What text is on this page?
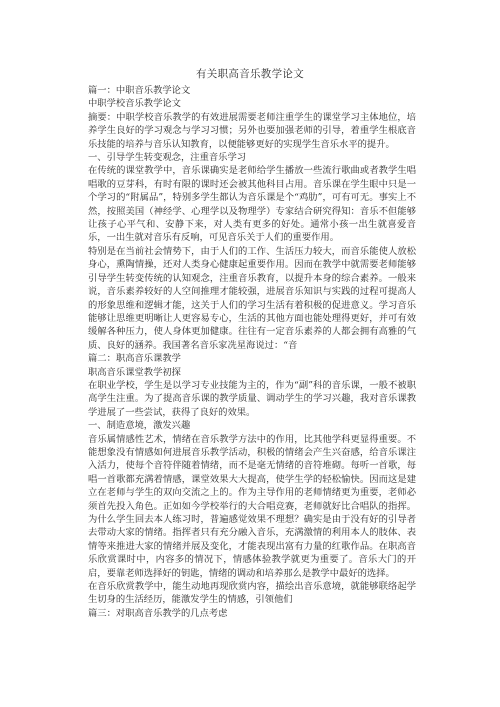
有关职高音乐教学论文

篇一：中职音乐教学论文

中职学校音乐教学论文

摘要：中职学校音乐教学的有效进展需要老师注重学生的课堂学习主体地位，培养学生良好的学习观念与学习习惯；另外也要加强老师的引导，着重学生根底音乐技能的培养与音乐认知教育，以便能够更好的实现学生音乐水平的提升。

一、引导学生转变观念，注重音乐学习

在传统的课堂教学中，音乐课确实是老师给学生播放一些流行歌曲或者教学生唱唱歌的豆芽科，有时有限的课时还会被其他科目占用。音乐课在学生眼中只是一个学习的“附属品”，特别多学生都认为音乐课是个“鸡肋”，可有可无。事实上不然，按照美国（神经学、心理学以及物理学）专家结合研究得知：音乐不但能够让孩子心平气和、安静下来，对人类有更多的好处。通常小孩一出生就喜爱音乐，一出生就对音乐有反响，可见音乐关于人们的重要作用。

特别是在当前社会情势下，由于人们的工作、生活压力较大，而音乐能使人放松身心，熏陶情操，还对人类身心健康起重要作用。因而在教学中就需要老师能够引导学生转变传统的认知观念，注重音乐教育，以提升本身的综合素养。一般来说，音乐素养较好的人空间推理才能较强，进展音乐知识与实践的过程可提高人的形象思维和逻辑才能，这关于人们的学习生活有着积极的促进意义。学习音乐能够让思维更明晰让人更容易专心，生活的其他方面也能处理得更好，并可有效缓解各种压力，使人身体更加健康。往往有一定音乐素养的人都会拥有高雅的气质、良好的涵养。我国著名音乐家冼星海说过：“音

篇二：职高音乐课教学

职高音乐课堂教学初探

在职业学校，学生是以学习专业技能为主的，作为“副”科的音乐课，一般不被职高学生注重。为了提高音乐课的教学质量、调动学生的学习兴趣，我对音乐课教学进展了一些尝试，获得了良好的效果。

一、制造意境，激发兴趣

音乐属情感性艺术，情绪在音乐教学方法中的作用，比其他学科更显得重要。不能想象没有情感如何进展音乐教学活动，积极的情绪会产生兴奋感，给音乐课注入活力，使每个音符伴随着情绪，而不是毫无情绪的音符堆砌。每听一首歌，每唱一首歌都充满着情感，课堂效果大大提高，使学生学的轻松愉快。因而这是建立在老师与学生的双向交流之上的。作为主导作用的老师情绪更为重要，老师必须首先投入角色。正如如今学校举行的大合唱竞赛，老师就好比合唱队的指挥。为什么学生回去本人练习时，普遍感觉效果不理想？确实是由于没有好的引导者去带动大家的情绪。指挥者只有充分融入音乐，充满激情的利用本人的肢体、表情等来推进大家的情绪并展及变化，才能表现出富有力量的红歌作品。在职高音乐欣赏课时中，内容多的情况下，情感体验教学就更为重要了。音乐大门的开启，要靠老师选择好的钥匙，情绪的调动和培养那么是教学中最好的选择。

在音乐欣赏教学中，能生动地再现欣赏内容，描绘出音乐意境，就能够联络起学生切身的生活经历，能激发学生的情感，引领他们

篇三：对职高音乐教学的几点考虑
